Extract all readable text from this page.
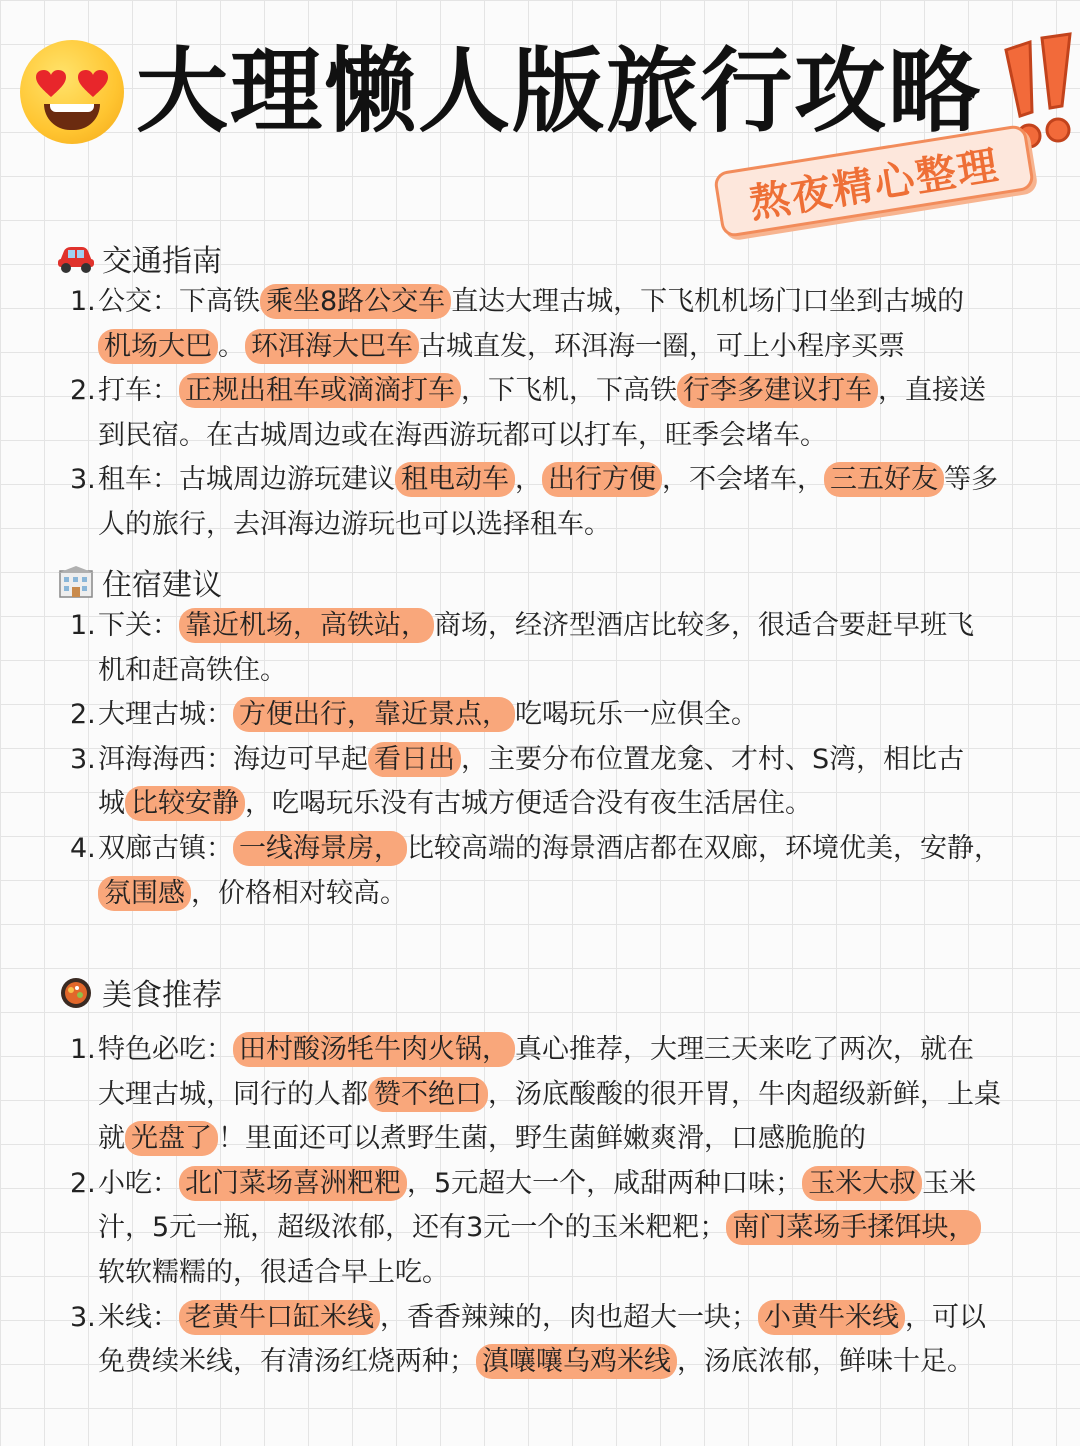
大理懒人版旅行攻略
熬夜精心整理
交通指南
1. 公交：下高铁 乘坐8路公交车 直达大理古城，下飞机机场门口坐到古城的
机场大巴 。 环洱海大巴车 古城直发，环洱海一圈，可上小程序买票
2. 打车： 正规出租车或滴滴打车 ，下飞机，下高铁 行李多建议打车 ，直接送
到民宿。在古城周边或在海西游玩都可以打车，旺季会堵车。
3. 租车：古城周边游玩建议 租电动车 ， 出行方便 ，不会堵车， 三五好友 等多
人的旅行，去洱海边游玩也可以选择租车。
住宿建议
1. 下关： 靠近机场，高铁站， 商场，经济型酒店比较多，很适合要赶早班飞
机和赶高铁住。
2. 大理古城： 方便出行，靠近景点， 吃喝玩乐一应俱全。
3. 洱海海西：海边可早起 看日出 ，主要分布位置龙龛、才村、S湾，相比古
城 比较安静 ，吃喝玩乐没有古城方便适合没有夜生活居住。
4. 双廊古镇： 一线海景房， 比较高端的海景酒店都在双廊，环境优美，安静，
氛围感 ，价格相对较高。
美食推荐
1. 特色必吃： 田村酸汤牦牛肉火锅， 真心推荐，大理三天来吃了两次，就在
大理古城，同行的人都 赞不绝口 ，汤底酸酸的很开胃，牛肉超级新鲜，上桌
就 光盘了 ！里面还可以煮野生菌，野生菌鲜嫩爽滑，口感脆脆的
2. 小吃： 北门菜场喜洲粑粑 ，5元超大一个，咸甜两种口味； 玉米大叔 玉米
汁，5元一瓶，超级浓郁，还有3元一个的玉米粑粑； 南门菜场手揉饵块，
软软糯糯的，很适合早上吃。
3. 米线： 老黄牛口缸米线 ，香香辣辣的，肉也超大一块； 小黄牛米线 ，可以
免费续米线，有清汤红烧两种； 滇嚷嚷乌鸡米线 ，汤底浓郁，鲜味十足。
